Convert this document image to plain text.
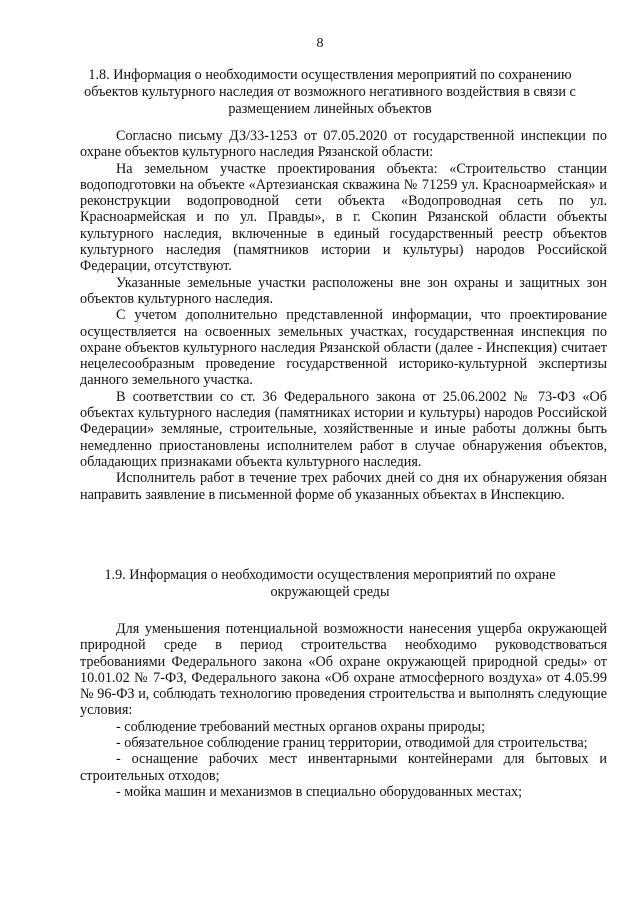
8
1.8. Информация о необходимости осуществления мероприятий по сохранению объектов культурного наследия от возможного негативного воздействия в связи с размещением линейных объектов

Согласно письму ДЗ/33-1253 от 07.05.2020 от государственной инспекции по охране объектов культурного наследия Рязанской области:

На земельном участке проектирования объекта: «Строительство станции водоподготовки на объекте «Артезианская скважина № 71259 ул. Красноармейская» и реконструкции водопроводной сети объекта «Водопроводная сеть по ул. Красноармейская и по ул. Правды», в г. Скопин Рязанской области объекты культурного наследия, включенные в единый государственный реестр объектов культурного наследия (памятников истории и культуры) народов Российской Федерации, отсутствуют.

Указанные земельные участки расположены вне зон охраны и защитных зон объектов культурного наследия.

С учетом дополнительно представленной информации, что проектирование осуществляется на освоенных земельных участках, государственная инспекция по охране объектов культурного наследия Рязанской области (далее - Инспекция) считает нецелесообразным проведение государственной историко-культурной экспертизы данного земельного участка.

В соответствии со ст. 36 Федерального закона от 25.06.2002 № 73-ФЗ «Об объектах культурного наследия (памятниках истории и культуры) народов Российской Федерации» земляные, строительные, хозяйственные и иные работы должны быть немедленно приостановлены исполнителем работ в случае обнаружения объектов, обладающих признаками объекта культурного наследия.

Исполнитель работ в течение трех рабочих дней со дня их обнаружения обязан направить заявление в письменной форме об указанных объектах в Инспекцию.

1.9. Информация о необходимости осуществления мероприятий по охране окружающей среды

Для уменьшения потенциальной возможности нанесения ущерба окружающей природной среде в период строительства необходимо руководствоваться требованиями Федерального закона «Об охране окружающей природной среды» от 10.01.02 № 7-ФЗ, Федерального закона «Об охране атмосферного воздуха» от 4.05.99 № 96-ФЗ и, соблюдать технологию проведения строительства и выполнять следующие условия:

- соблюдение требований местных органов охраны природы;

- обязательное соблюдение границ территории, отводимой для строительства;

- оснащение рабочих мест инвентарными контейнерами для бытовых и строительных отходов;

- мойка машин и механизмов в специально оборудованных местах;
